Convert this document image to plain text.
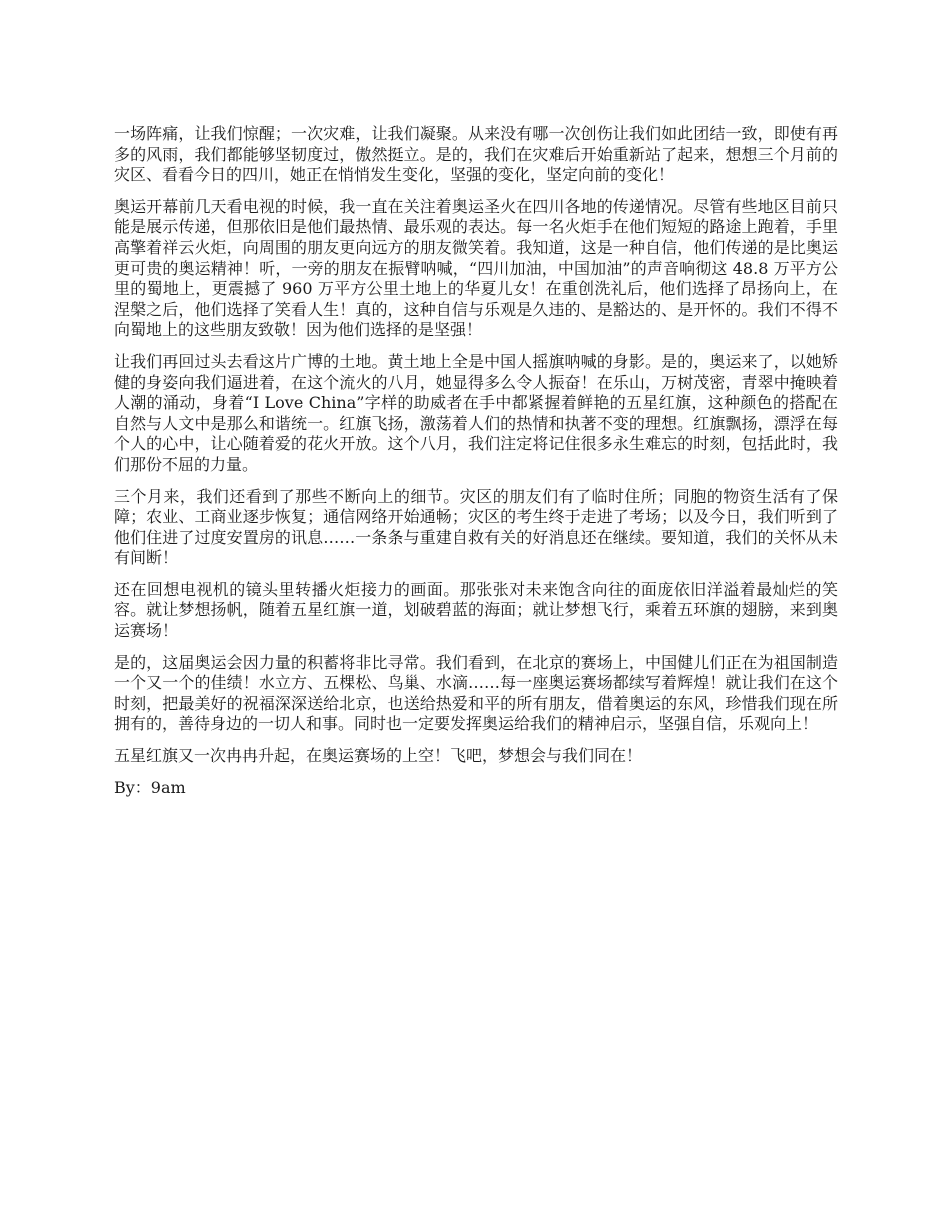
一场阵痛，让我们惊醒；一次灾难，让我们凝聚。从来没有哪一次创伤让我们如此团结一致，即使有再多的风雨，我们都能够坚韧度过，傲然挺立。是的，我们在灾难后开始重新站了起来，想想三个月前的灾区、看看今日的四川，她正在悄悄发生变化，坚强的变化，坚定向前的变化！

奥运开幕前几天看电视的时候，我一直在关注着奥运圣火在四川各地的传递情况。尽管有些地区目前只能是展示传递，但那依旧是他们最热情、最乐观的表达。每一名火炬手在他们短短的路途上跑着，手里高擎着祥云火炬，向周围的朋友更向远方的朋友微笑着。我知道，这是一种自信，他们传递的是比奥运更可贵的奥运精神！听，一旁的朋友在振臂呐喊，“四川加油，中国加油”的声音响彻这 48.8 万平方公里的蜀地上，更震撼了 960 万平方公里土地上的华夏儿女！在重创洗礼后，他们选择了昂扬向上，在涅槃之后，他们选择了笑看人生！真的，这种自信与乐观是久违的、是豁达的、是开怀的。我们不得不向蜀地上的这些朋友致敬！因为他们选择的是坚强！

让我们再回过头去看这片广博的土地。黄土地上全是中国人摇旗呐喊的身影。是的，奥运来了，以她矫健的身姿向我们逼进着，在这个流火的八月，她显得多么令人振奋！在乐山，万树茂密，青翠中掩映着人潮的涌动，身着“I Love China”字样的助威者在手中都紧握着鲜艳的五星红旗，这种颜色的搭配在自然与人文中是那么和谐统一。红旗飞扬，激荡着人们的热情和执著不变的理想。红旗飘扬，漂浮在每个人的心中，让心随着爱的花火开放。这个八月，我们注定将记住很多永生难忘的时刻，包括此时，我们那份不屈的力量。

三个月来，我们还看到了那些不断向上的细节。灾区的朋友们有了临时住所；同胞的物资生活有了保障；农业、工商业逐步恢复；通信网络开始通畅；灾区的考生终于走进了考场；以及今日，我们听到了他们住进了过度安置房的讯息……一条条与重建自救有关的好消息还在继续。要知道，我们的关怀从未有间断！

还在回想电视机的镜头里转播火炬接力的画面。那张张对未来饱含向往的面庞依旧洋溢着最灿烂的笑容。就让梦想扬帆，随着五星红旗一道，划破碧蓝的海面；就让梦想飞行，乘着五环旗的翅膀，来到奥运赛场！

是的，这届奥运会因力量的积蓄将非比寻常。我们看到，在北京的赛场上，中国健儿们正在为祖国制造一个又一个的佳绩！水立方、五棵松、鸟巢、水滴……每一座奥运赛场都续写着辉煌！就让我们在这个时刻，把最美好的祝福深深送给北京，也送给热爱和平的所有朋友，借着奥运的东风，珍惜我们现在所拥有的，善待身边的一切人和事。同时也一定要发挥奥运给我们的精神启示，坚强自信，乐观向上！

五星红旗又一次冉冉升起，在奥运赛场的上空！飞吧，梦想会与我们同在！

By：9am
